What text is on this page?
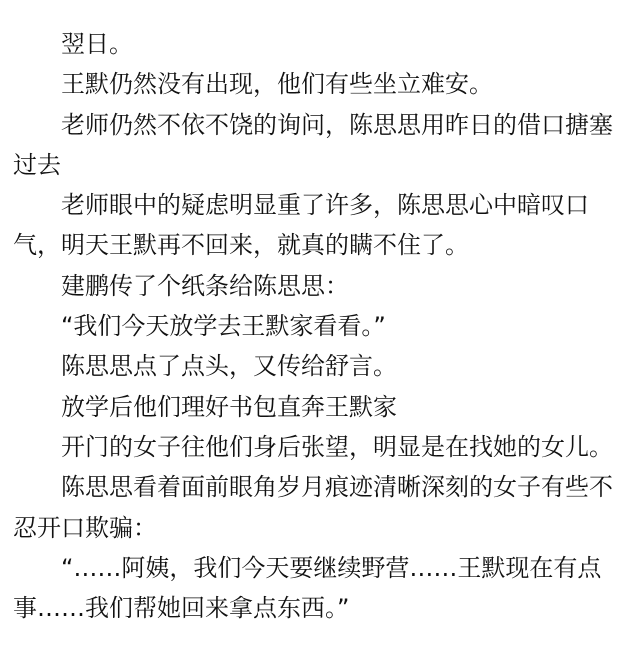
翌日。

王默仍然没有出现，他们有些坐立难安。

老师仍然不依不饶的询问，陈思思用昨日的借口搪塞过去

老师眼中的疑虑明显重了许多，陈思思心中暗叹口气，明天王默再不回来，就真的瞒不住了。

建鹏传了个纸条给陈思思：

“我们今天放学去王默家看看。”

陈思思点了点头，又传给舒言。

放学后他们理好书包直奔王默家

开门的女子往他们身后张望，明显是在找她的女儿。

陈思思看着面前眼角岁月痕迹清晰深刻的女子有些不忍开口欺骗：

“……阿姨，我们今天要继续野营……王默现在有点事……我们帮她回来拿点东西。”
